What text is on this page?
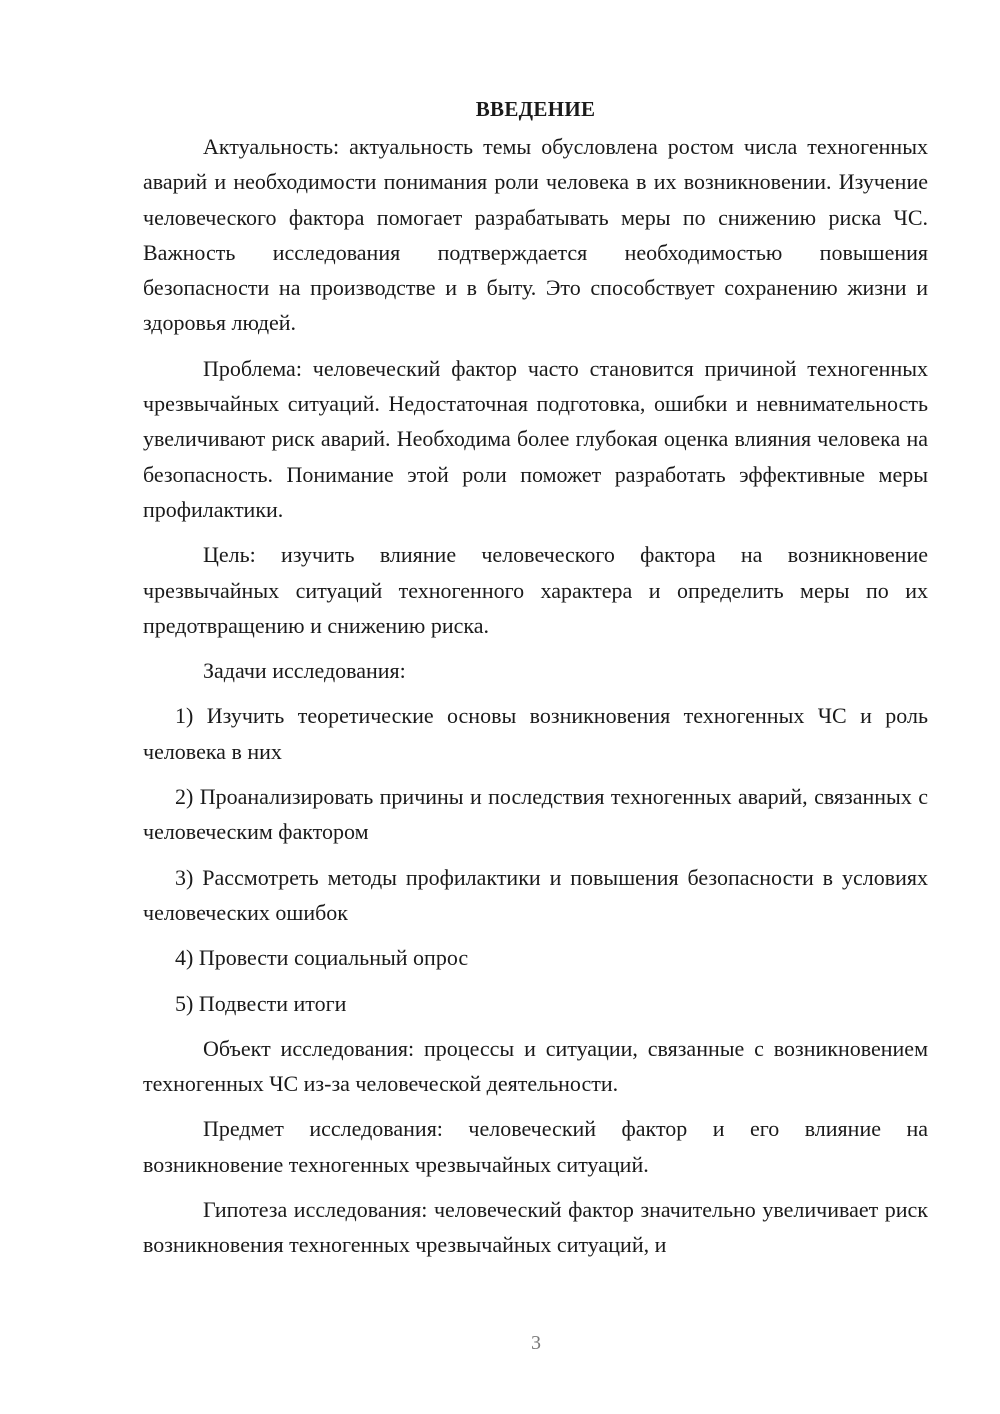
ВВЕДЕНИЕ

Актуальность: актуальность темы обусловлена ростом числа техногенных аварий и необходимости понимания роли человека в их возникновении. Изучение человеческого фактора помогает разрабатывать меры по снижению риска ЧС. Важность исследования подтверждается необходимостью повышения безопасности на производстве и в быту. Это способствует сохранению жизни и здоровья людей.

Проблема: человеческий фактор часто становится причиной техногенных чрезвычайных ситуаций. Недостаточная подготовка, ошибки и невнимательность увеличивают риск аварий. Необходима более глубокая оценка влияния человека на безопасность. Понимание этой роли поможет разработать эффективные меры профилактики.

Цель: изучить влияние человеческого фактора на возникновение чрезвычайных ситуаций техногенного характера и определить меры по их предотвращению и снижению риска.

Задачи исследования:

1) Изучить теоретические основы возникновения техногенных ЧС и роль человека в них

2) Проанализировать причины и последствия техногенных аварий, связанных с человеческим фактором

3) Рассмотреть методы профилактики и повышения безопасности в условиях человеческих ошибок

4) Провести социальный опрос

5) Подвести итоги

Объект исследования: процессы и ситуации, связанные с возникновением техногенных ЧС из-за человеческой деятельности.

Предмет исследования: человеческий фактор и его влияние на возникновение техногенных чрезвычайных ситуаций.

Гипотеза исследования: человеческий фактор значительно увеличивает риск возникновения техногенных чрезвычайных ситуаций, и

3
